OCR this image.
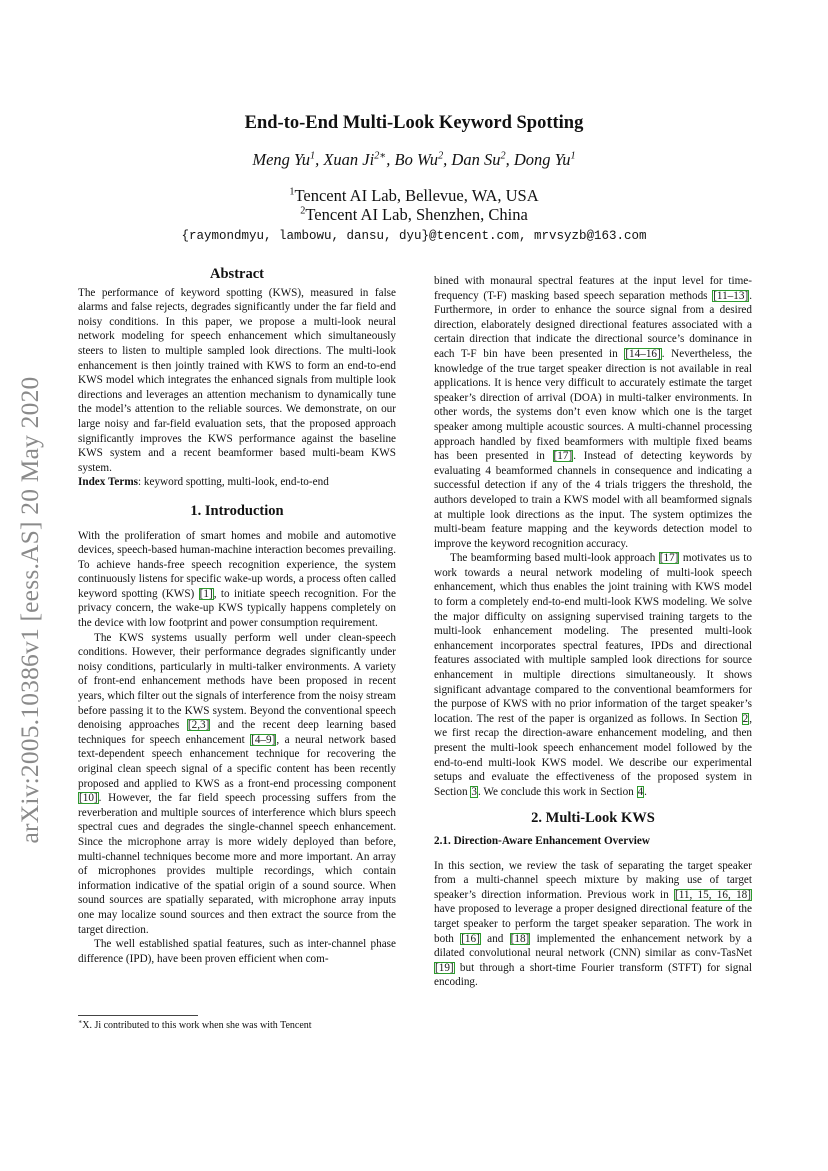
arXiv:2005.10386v1 [eess.AS] 20 May 2020
End-to-End Multi-Look Keyword Spotting
Meng Yu$^1$, Xuan $Ji^{2∗}$, Bo Wu$^2$, Dan Su$^2$, Dong Yu$^1$
$^1$Tencent AI Lab, Bellevue, WA, USA
$^2$Tencent AI Lab, Shenzhen, China
{raymondmyu, lambowu, dansu, dyu}@tencent.com, mrvsyzb@163.com

Abstract

The performance of keyword spotting (KWS), measured in false alarms and false rejects, degrades significantly under the far field and noisy conditions. In this paper, we propose a multi-look neural network modeling for speech enhancement which simultaneously steers to listen to multiple sampled look directions. The multi-look enhancement is then jointly trained with KWS to form an end-to-end KWS model which integrates the enhanced signals from multiple look directions and leverages an attention mechanism to dynamically tune the model’s attention to the reliable sources. We demonstrate, on our large noisy and far-field evaluation sets, that the proposed approach significantly improves the KWS performance against the baseline KWS system and a recent beamformer based multi-beam KWS system.

Index Terms: keyword spotting, multi-look, end-to-end

1. Introduction

With the proliferation of smart homes and mobile and automotive devices, speech-based human-machine interaction becomes prevailing. To achieve hands-free speech recognition experience, the system continuously listens for specific wake-up words, a process often called keyword spotting (KWS) [1], to initiate speech recognition. For the privacy concern, the wake-up KWS typically happens completely on the device with low footprint and power consumption requirement.

The KWS systems usually perform well under clean-speech conditions. However, their performance degrades significantly under noisy conditions, particularly in multi-talker environments. A variety of front-end enhancement methods have been proposed in recent years, which filter out the signals of interference from the noisy stream before passing it to the KWS system. Beyond the conventional speech denoising approaches [2,3] and the recent deep learning based techniques for speech enhancement [4–9], a neural network based text-dependent speech enhancement technique for recovering the original clean speech signal of a specific content has been recently proposed and applied to KWS as a front-end processing component [10]. However, the far field speech processing suffers from the reverberation and multiple sources of interference which blurs speech spectral cues and degrades the single-channel speech enhancement. Since the microphone array is more widely deployed than before, multi-channel techniques become more and more important. An array of microphones provides multiple recordings, which contain information indicative of the spatial origin of a sound source. When sound sources are spatially separated, with microphone array inputs one may localize sound sources and then extract the source from the target direction.

The well established spatial features, such as inter-channel phase difference (IPD), have been proven efficient when com-

bined with monaural spectral features at the input level for time-frequency (T-F) masking based speech separation methods [11–13]. Furthermore, in order to enhance the source signal from a desired direction, elaborately designed directional features associated with a certain direction that indicate the directional source’s dominance in each T-F bin have been presented in [14–16]. Nevertheless, the knowledge of the true target speaker direction is not available in real applications. It is hence very difficult to accurately estimate the target speaker’s direction of arrival (DOA) in multi-talker environments. In other words, the systems don’t even know which one is the target speaker among multiple acoustic sources. A multi-channel processing approach handled by fixed beamformers with multiple fixed beams has been presented in [17]. Instead of detecting keywords by evaluating 4 beamformed channels in consequence and indicating a successful detection if any of the 4 trials triggers the threshold, the authors developed to train a KWS model with all beamformed signals at multiple look directions as the input. The system optimizes the multi-beam feature mapping and the keywords detection model to improve the keyword recognition accuracy.

The beamforming based multi-look approach [17] motivates us to work towards a neural network modeling of multi-look speech enhancement, which thus enables the joint training with KWS model to form a completely end-to-end multi-look KWS modeling. We solve the major difficulty on assigning supervised training targets to the multi-look enhancement modeling. The presented multi-look enhancement incorporates spectral features, IPDs and directional features associated with multiple sampled look directions for source enhancement in multiple directions simultaneously. It shows significant advantage compared to the conventional beamformers for the purpose of KWS with no prior information of the target speaker’s location. The rest of the paper is organized as follows. In Section 2, we first recap the direction-aware enhancement modeling, and then present the multi-look speech enhancement model followed by the end-to-end multi-look KWS model. We describe our experimental setups and evaluate the effectiveness of the proposed system in Section 3. We conclude this work in Section 4.

2. Multi-Look KWS

2.1. Direction-Aware Enhancement Overview

In this section, we review the task of separating the target speaker from a multi-channel speech mixture by making use of target speaker’s direction information. Previous work in [11, 15, 16, 18] have proposed to leverage a proper designed directional feature of the target speaker to perform the target speaker separation. The work in both [16] and [18] implemented the enhancement network by a dilated convolutional neural network (CNN) similar as conv-TasNet [19] but through a short-time Fourier transform (STFT) for signal encoding.

∗X. Ji contributed to this work when she was with Tencent
